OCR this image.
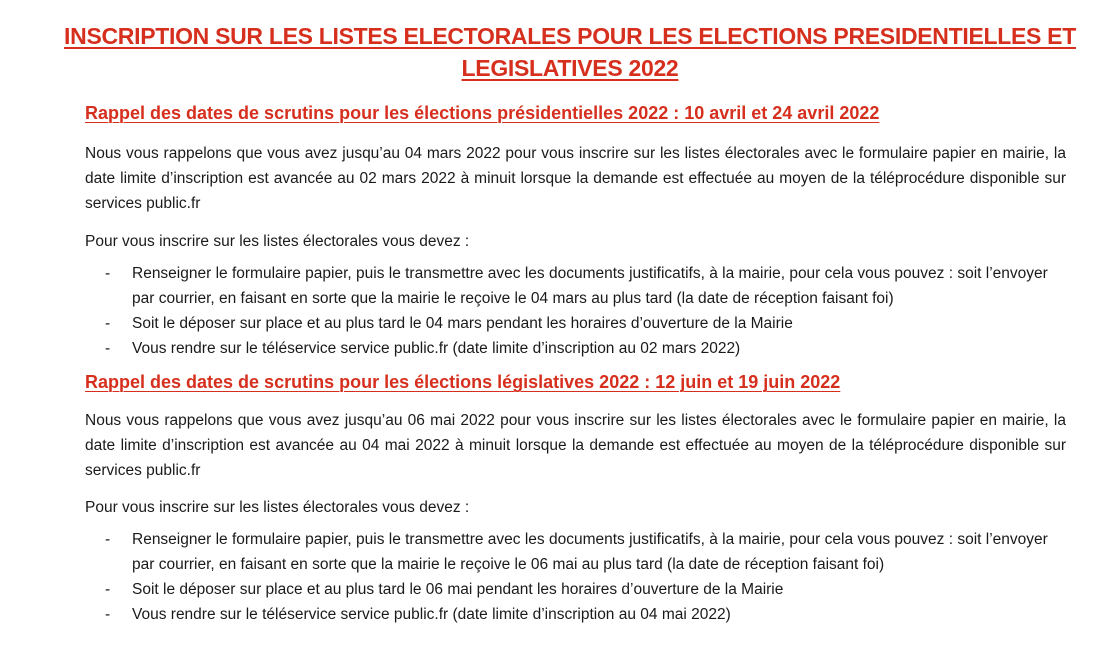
INSCRIPTION SUR LES LISTES ELECTORALES POUR LES ELECTIONS PRESIDENTIELLES ET
LEGISLATIVES 2022
Rappel des dates de scrutins pour les élections présidentielles 2022 : 10 avril et 24 avril 2022

Nous vous rappelons que vous avez jusqu’au 04 mars 2022 pour vous inscrire sur les listes électorales avec le formulaire papier en mairie, la date limite d’inscription est avancée au 02 mars 2022 à minuit lorsque la demande est effectuée au moyen de la téléprocédure disponible sur services public.fr

Pour vous inscrire sur les listes électorales vous devez :

- Renseigner le formulaire papier, puis le transmettre avec les documents justificatifs, à la mairie, pour cela vous pouvez : soit l’envoyer par courrier, en faisant en sorte que la mairie le reçoive le 04 mars au plus tard (la date de réception faisant foi)
- Soit le déposer sur place et au plus tard le 04 mars pendant les horaires d’ouverture de la Mairie
- Vous rendre sur le téléservice service public.fr (date limite d’inscription au 02 mars 2022)
Rappel des dates de scrutins pour les élections législatives 2022 : 12 juin et 19 juin 2022

Nous vous rappelons que vous avez jusqu’au 06 mai 2022 pour vous inscrire sur les listes électorales avec le formulaire papier en mairie, la date limite d’inscription est avancée au 04 mai 2022 à minuit lorsque la demande est effectuée au moyen de la téléprocédure disponible sur services public.fr

Pour vous inscrire sur les listes électorales vous devez :

- Renseigner le formulaire papier, puis le transmettre avec les documents justificatifs, à la mairie, pour cela vous pouvez : soit l’envoyer par courrier, en faisant en sorte que la mairie le reçoive le 06 mai au plus tard (la date de réception faisant foi)
- Soit le déposer sur place et au plus tard le 06 mai pendant les horaires d’ouverture de la Mairie
- Vous rendre sur le téléservice service public.fr (date limite d’inscription au 04 mai 2022)
